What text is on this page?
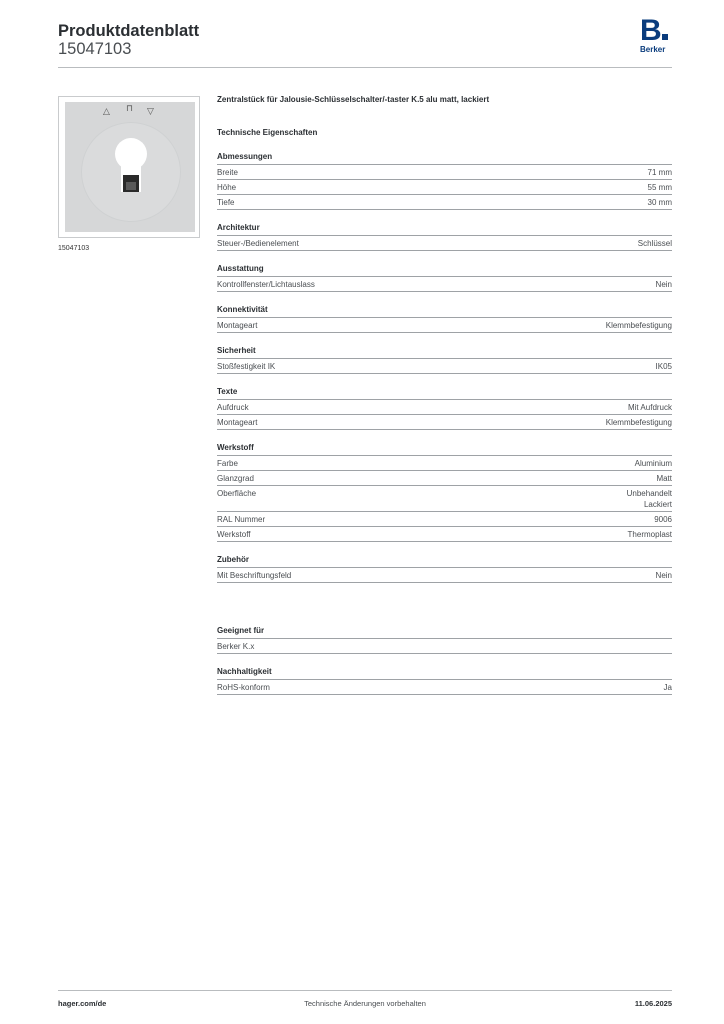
Produktdatenblatt
15047103
B
Berker
△ ⊓ ▽
15047103
Zentralstück für Jalousie-Schlüsselschalter/-taster K.5 alu matt, lackiert
Technische Eigenschaften
Abmessungen
Breite	71 mm
Höhe	55 mm
Tiefe	30 mm
Architektur
Steuer-/Bedienelement	Schlüssel
Ausstattung
Kontrollfenster/Lichtauslass	Nein
Konnektivität
Montageart	Klemmbefestigung
Sicherheit
Stoßfestigkeit IK	IK05
Texte
Aufdruck	Mit Aufdruck
Montageart	Klemmbefestigung
Werkstoff
Farbe	Aluminium
Glanzgrad	Matt
Oberfläche	Unbehandelt
Lackiert
RAL Nummer	9006
Werkstoff	Thermoplast
Zubehör
Mit Beschriftungsfeld	Nein
Geeignet für
Berker K.x
Nachhaltigkeit
RoHS-konform	Ja
hager.com/de	Technische Änderungen vorbehalten	11.06.2025
